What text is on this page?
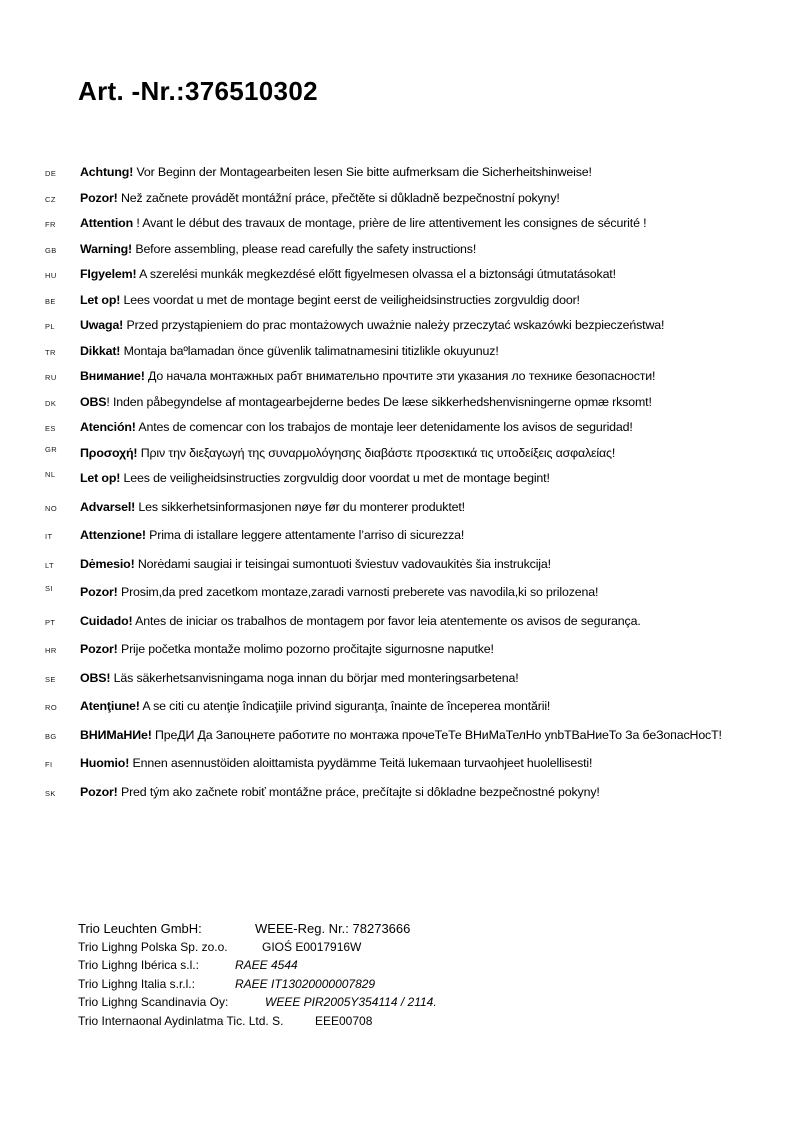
Art. -Nr.:376510302
DE	Achtung! Vor Beginn der Montagearbeiten lesen Sie bitte aufmerksam die Sicherheitshinweise!
CZ	Pozor! Než začnete provádět montážní práce, přečtěte si důkladně bezpečnostní pokyny!
FR	Attention ! Avant le début des travaux de montage, prière de lire attentivement les consignes de sécurité !
GB	Warning! Before assembling, please read carefully the safety instructions!
HU	FIgyelem! A szerelési munkák megkezdésé előtt figyelmesen olvassa el a biztonsági útmutatásokat!
BE	Let op! Lees voordat u met de montage begint eerst de veiligheidsinstructies zorgvuldig door!
PL	Uwaga! Przed przystąpieniem do prac montażowych uważnie należy przeczytać wskazówki bezpieczeństwa!
TR	Dikkat! Montaja baºlamadan önce güvenlik talimatnamesini titizlikle okuyunuz!
RU	Внимание! До начала монтажных рабт внимательно прочтите эти указания ло технике безопасности!
DK	OBS! Inden påbegyndelse af montagearbejderne bedes De læse sikkerhedshenvisningerne opmæ rksomt!
ES	Atención! Antes de comencar con los trabajos de montaje leer detenidamente los avisos de seguridad!
GR	Προσοχή! Πριν την διεξαγωγή της συναρμολόγησης διαβάστε προσεκτικά τις υποδείξεις ασφαλείας!
NL	Let op! Lees de veiligheidsinstructies zorgvuldig door voordat u met de montage begint!
NO	Advarsel! Les sikkerhetsinformasjonen nøye før du monterer produktet!
IT	Attenzione! Prima di istallare leggere attentamente l’arriso di sicurezza!
LT	Dėmesio! Norėdami saugiai ir teisingai sumontuoti šviestuv vadovaukitės šia instrukcija!
SI	Pozor! Prosim,da pred zacetkom montaze,zaradi varnosti preberete vas navodila,ki so prilozena!
PT	Cuidado! Antes de iniciar os trabalhos de montagem por favor leia atentemente os avisos de segurança.
HR	Pozor! Prije početka montaže molimo pozorno pročitajte sigurnosne naputke!
SE	OBS! Läs säkerhetsanvisningama noga innan du börjar med monteringsarbetena!
RO	Atenţiune! A se citi cu atenţie îndicaţiile privind siguranţa, înainte de începerea montării!
BG	ВНИМаНИе! ПреДИ Да Запоцнете работите по монтажа прочеТеТе ВНиМаТелНо уnbТВаНиеТо За беЗопасНосТ!
FI	Huomio! Ennen asennustöiden aloittamista pyydämme Teitä lukemaan turvaohjeet huolellisesti!
SK	Pozor! Pred tým ako začnete robiť montážne práce, prečítajte si dôkladne bezpečnostné pokyny!
Trio Leuchten GmbH:	WEEE-Reg. Nr.: 78273666
Trio Lighng Polska Sp. zo.o.	GIOŚ E0017916W
Trio Lighng Ibérica s.l.:	RAEE 4544
Trio Lighng Italia s.r.l.:	RAEE IT13020000007829
Trio Lighng Scandinavia Oy:	WEEE PIR2005Y354114 / 2114.
Trio Internaonal Aydinlatma Tic. Ltd. S.	EEE00708
